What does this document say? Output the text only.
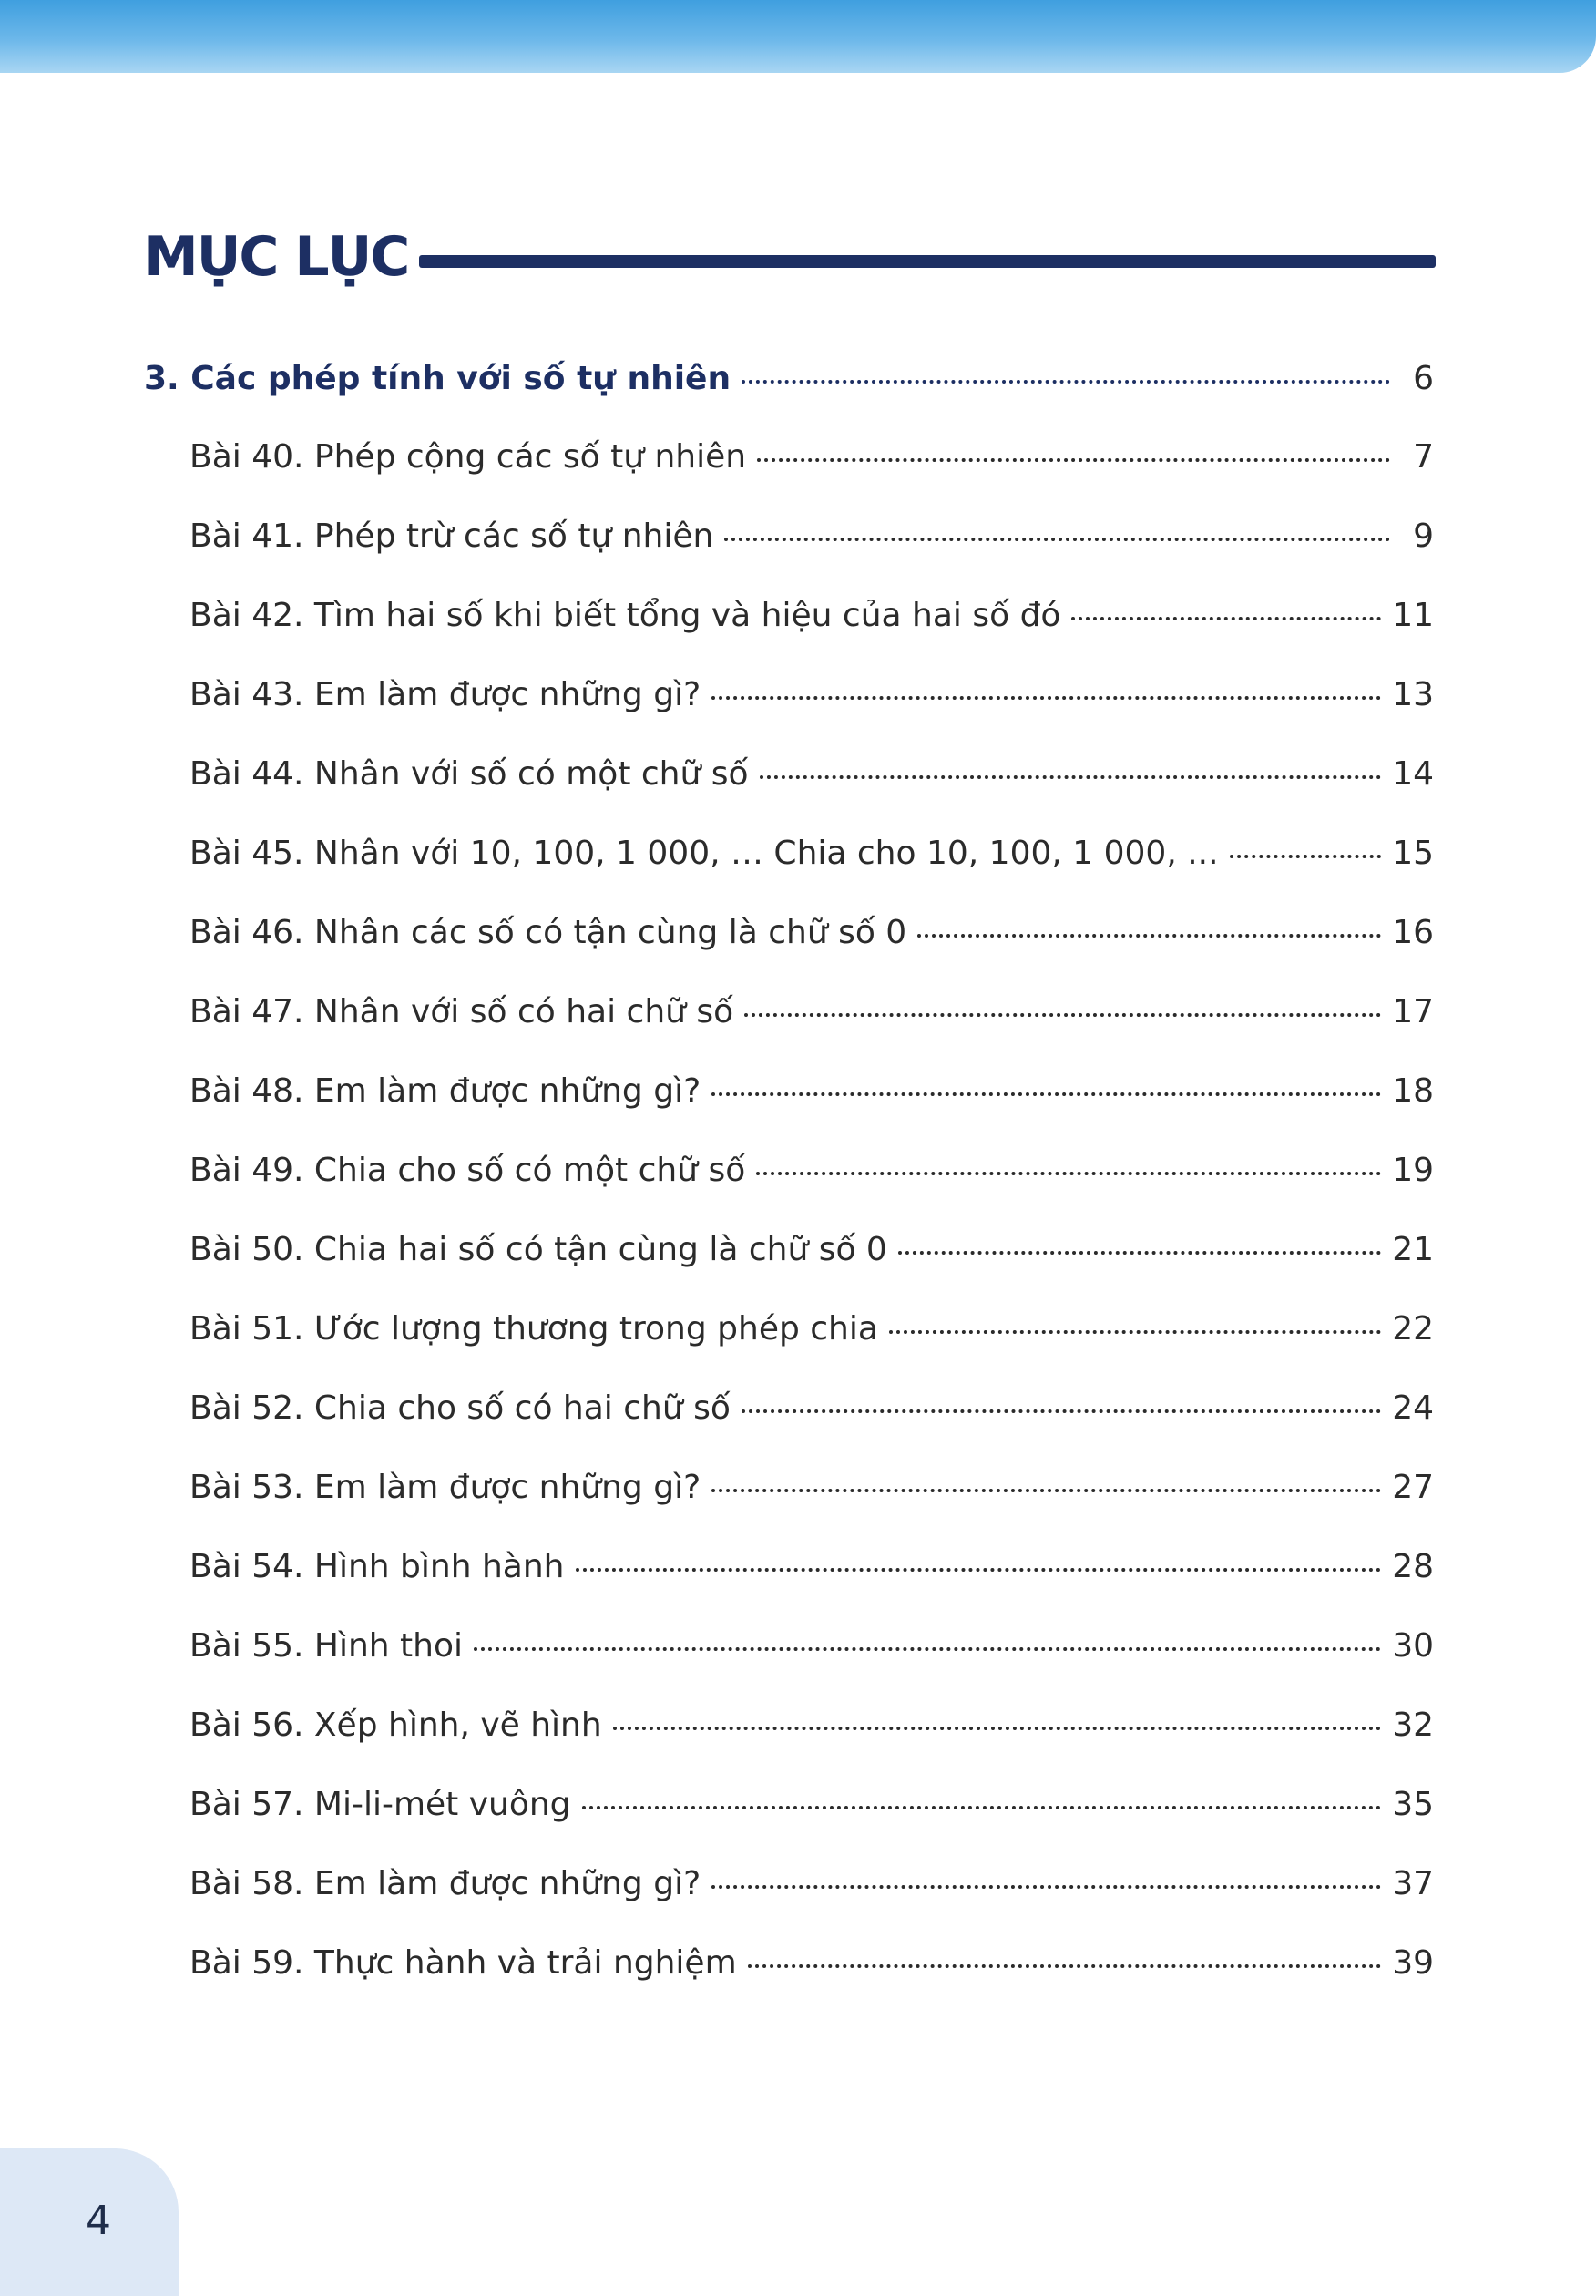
MỤC LỤC
3. Các phép tính với số tự nhiên	6
Bài 40. Phép cộng các số tự nhiên	7
Bài 41. Phép trừ các số tự nhiên	9
Bài 42. Tìm hai số khi biết tổng và hiệu của hai số đó	11
Bài 43. Em làm được những gì?	13
Bài 44. Nhân với số có một chữ số	14
Bài 45. Nhân với 10, 100, 1 000, … Chia cho 10, 100, 1 000, ...	15
Bài 46. Nhân các số có tận cùng là chữ số 0	16
Bài 47. Nhân với số có hai chữ số	17
Bài 48. Em làm được những gì?	18
Bài 49. Chia cho số có một chữ số	19
Bài 50. Chia hai số có tận cùng là chữ số 0	21
Bài 51. Ước lượng thương trong phép chia	22
Bài 52. Chia cho số có hai chữ số	24
Bài 53. Em làm được những gì?	27
Bài 54. Hình bình hành	28
Bài 55. Hình thoi	30
Bài 56. Xếp hình, vẽ hình	32
Bài 57. Mi-li-mét vuông	35
Bài 58. Em làm được những gì?	37
Bài 59. Thực hành và trải nghiệm	39
4
